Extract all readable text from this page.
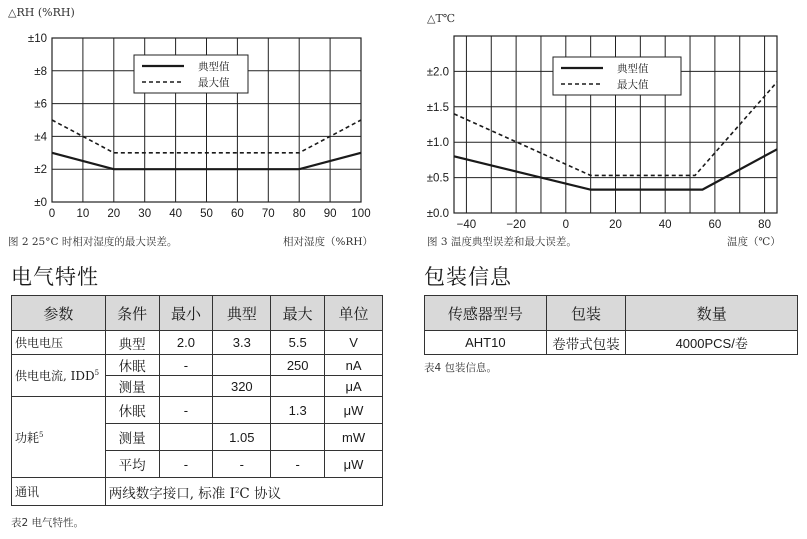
△RH (%RH)
0 10 20 30 40 50 60 70 80 90 100
±0
±2
±4
±6
±8
±10
典型值
最大值
图 2 25°C 时相对湿度的最大误差。	相对湿度（%RH）
△T℃
−40	−20	0	20	40	60	80
±0.0
±0.5
±1.0
±1.5
±2.0	典型值
最大值
图 3 温度典型误差和最大误差。	温度（℃）
电气特性
参数	条件	最小	典型	最大	单位
供电电压	典型	2.0	3.3	5.5	V
供电电流, IDD$^5$	休眠	-		250	nA
	测量		320		μA
功耗$^5$	休眠	-		1.3	μW
	测量		1.05		mW
	平均	-	-	-	μW
通讯	两线数字接口, 标准 $I^2C$ 协议				
表2 电气特性。
包装信息
传感器型号	包装	数量
AHT10	卷带式包装	4000PCS/卷
表4 包装信息。
